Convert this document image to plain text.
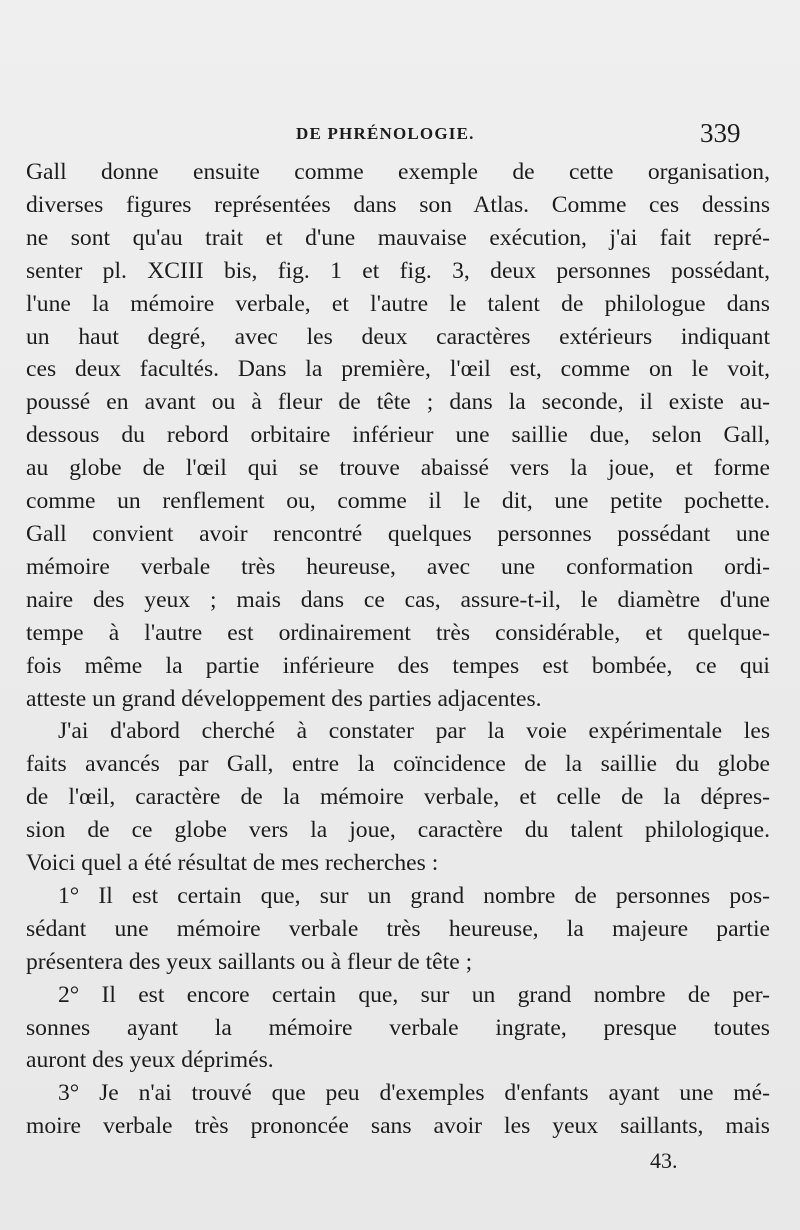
DE PHRÉNOLOGIE.	339
Gall donne ensuite comme exemple de cette organisation,
diverses figures représentées dans son Atlas. Comme ces dessins
ne sont qu'au trait et d'une mauvaise exécution, j'ai fait repré-
senter pl. XCIII bis, fig. 1 et fig. 3, deux personnes possédant,
l'une la mémoire verbale, et l'autre le talent de philologue dans
un haut degré, avec les deux caractères extérieurs indiquant
ces deux facultés. Dans la première, l'œil est, comme on le voit,
poussé en avant ou à fleur de tête ; dans la seconde, il existe au-
dessous du rebord orbitaire inférieur une saillie due, selon Gall,
au globe de l'œil qui se trouve abaissé vers la joue, et forme
comme un renflement ou, comme il le dit, une petite pochette.
Gall convient avoir rencontré quelques personnes possédant une
mémoire verbale très heureuse, avec une conformation ordi-
naire des yeux ; mais dans ce cas, assure-t-il, le diamètre d'une
tempe à l'autre est ordinairement très considérable, et quelque-
fois même la partie inférieure des tempes est bombée, ce qui
atteste un grand développement des parties adjacentes.
J'ai d'abord cherché à constater par la voie expérimentale les
faits avancés par Gall, entre la coïncidence de la saillie du globe
de l'œil, caractère de la mémoire verbale, et celle de la dépres-
sion de ce globe vers la joue, caractère du talent philologique.
Voici quel a été résultat de mes recherches :
1° Il est certain que, sur un grand nombre de personnes pos-
sédant une mémoire verbale très heureuse, la majeure partie
présentera des yeux saillants ou à fleur de tête ;
2° Il est encore certain que, sur un grand nombre de per-
sonnes ayant la mémoire verbale ingrate, presque toutes
auront des yeux déprimés.
3° Je n'ai trouvé que peu d'exemples d'enfants ayant une mé-
moire verbale très prononcée sans avoir les yeux saillants, mais
43.
